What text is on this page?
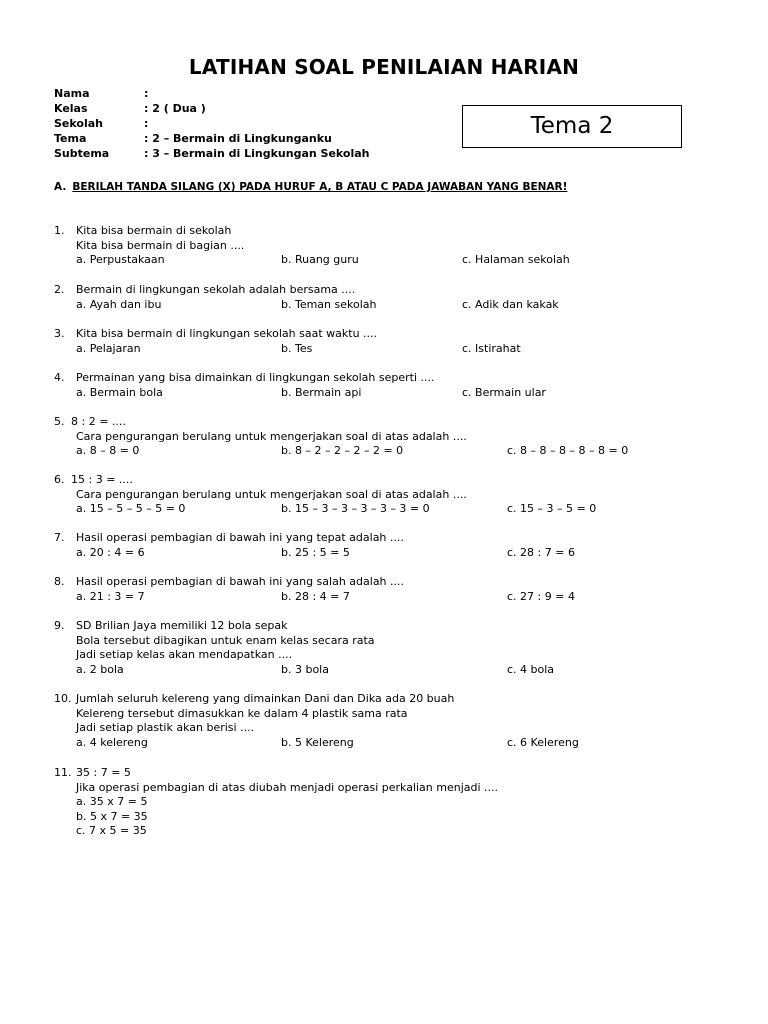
LATIHAN SOAL PENILAIAN HARIAN
Nama	:
Kelas	: 2 ( Dua )
Sekolah	:
Tema	: 2 – Bermain di Lingkunganku
Subtema	: 3 – Bermain di Lingkungan Sekolah
Tema 2
A. BERILAH TANDA SILANG (X) PADA HURUF A, B ATAU C PADA JAWABAN YANG BENAR!
1. Kita bisa bermain di sekolah
Kita bisa bermain di bagian ....
a. Perpustakaan	b. Ruang guru	c. Halaman sekolah
2. Bermain di lingkungan sekolah adalah bersama ....
a. Ayah dan ibu	b. Teman sekolah	c. Adik dan kakak
3. Kita bisa bermain di lingkungan sekolah saat waktu ....
a. Pelajaran	b. Tes	c. Istirahat
4. Permainan yang bisa dimainkan di lingkungan sekolah seperti ....
a. Bermain bola	b. Bermain api	c. Bermain ular
5. 8 : 2 = ....
Cara pengurangan berulang untuk mengerjakan soal di atas adalah ....
a. 8 – 8 = 0	b. 8 – 2 – 2 – 2 – 2 = 0	c. 8 – 8 – 8 – 8 – 8 = 0
6. 15 : 3 = ....
Cara pengurangan berulang untuk mengerjakan soal di atas adalah ....
a. 15 – 5 – 5 – 5 = 0	b. 15 – 3 – 3 – 3 – 3 – 3 = 0	c. 15 – 3 – 5 = 0
7. Hasil operasi pembagian di bawah ini yang tepat adalah ....
a. 20 : 4 = 6	b. 25 : 5 = 5	c. 28 : 7 = 6
8. Hasil operasi pembagian di bawah ini yang salah adalah ....
a. 21 : 3 = 7	b. 28 : 4 = 7	c. 27 : 9 = 4
9. SD Brilian Jaya memiliki 12 bola sepak
Bola tersebut dibagikan untuk enam kelas secara rata
Jadi setiap kelas akan mendapatkan ....
a. 2 bola	b. 3 bola	c. 4 bola
10. Jumlah seluruh kelereng yang dimainkan Dani dan Dika ada 20 buah
Kelereng tersebut dimasukkan ke dalam 4 plastik sama rata
Jadi setiap plastik akan berisi ....
a. 4 kelereng	b. 5 Kelereng	c. 6 Kelereng
11. 35 : 7 = 5
Jika operasi pembagian di atas diubah menjadi operasi perkalian menjadi ....
a. 35 x 7 = 5
b. 5 x 7 = 35
c. 7 x 5 = 35
